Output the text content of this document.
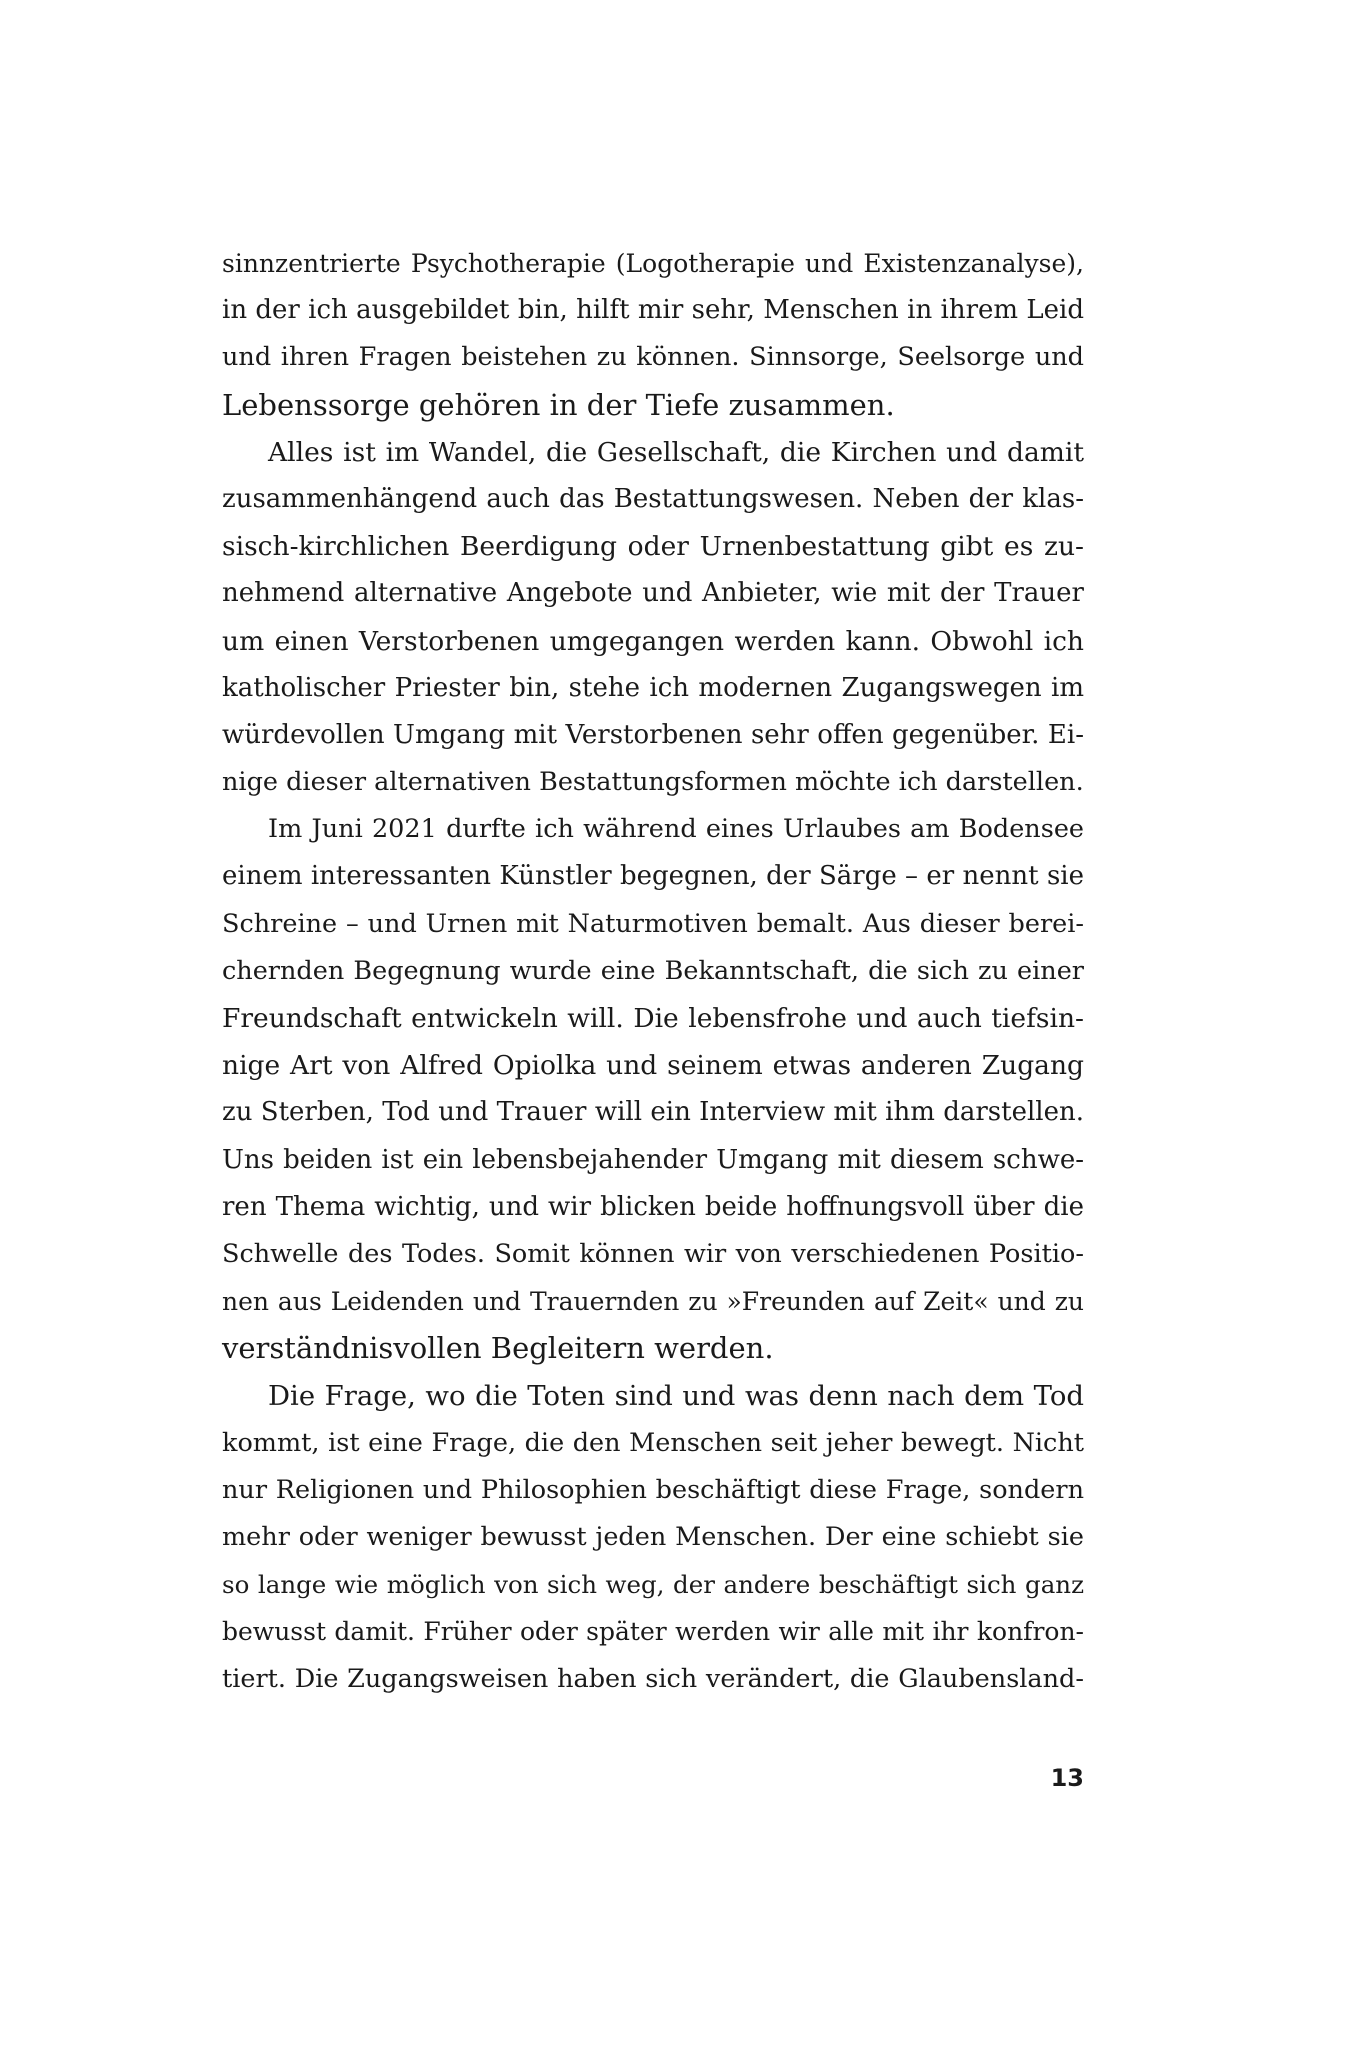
sinnzentrierte Psychotherapie (Logotherapie und Existenzanalyse),
in der ich ausgebildet bin, hilft mir sehr, Menschen in ihrem Leid
und ihren Fragen beistehen zu können. Sinnsorge, Seelsorge und
Lebenssorge gehören in der Tiefe zusammen.
Alles ist im Wandel, die Gesellschaft, die Kirchen und damit
zusammenhängend auch das Bestattungswesen. Neben der klas-
sisch-kirchlichen Beerdigung oder Urnenbestattung gibt es zu-
nehmend alternative Angebote und Anbieter, wie mit der Trauer
um einen Verstorbenen umgegangen werden kann. Obwohl ich
katholischer Priester bin, stehe ich modernen Zugangswegen im
würdevollen Umgang mit Verstorbenen sehr offen gegenüber. Ei-
nige dieser alternativen Bestattungsformen möchte ich darstellen.
Im Juni 2021 durfte ich während eines Urlaubes am Bodensee
einem interessanten Künstler begegnen, der Särge – er nennt sie
Schreine – und Urnen mit Naturmotiven bemalt. Aus dieser berei-
chernden Begegnung wurde eine Bekanntschaft, die sich zu einer
Freundschaft entwickeln will. Die lebensfrohe und auch tiefsin-
nige Art von Alfred Opiolka und seinem etwas anderen Zugang
zu Sterben, Tod und Trauer will ein Interview mit ihm darstellen.
Uns beiden ist ein lebensbejahender Umgang mit diesem schwe-
ren Thema wichtig, und wir blicken beide hoffnungsvoll über die
Schwelle des Todes. Somit können wir von verschiedenen Positio-
nen aus Leidenden und Trauernden zu »Freunden auf Zeit« und zu
verständnisvollen Begleitern werden.
Die Frage, wo die Toten sind und was denn nach dem Tod
kommt, ist eine Frage, die den Menschen seit jeher bewegt. Nicht
nur Religionen und Philosophien beschäftigt diese Frage, sondern
mehr oder weniger bewusst jeden Menschen. Der eine schiebt sie
so lange wie möglich von sich weg, der andere beschäftigt sich ganz
bewusst damit. Früher oder später werden wir alle mit ihr konfron-
tiert. Die Zugangsweisen haben sich verändert, die Glaubensland-
13
